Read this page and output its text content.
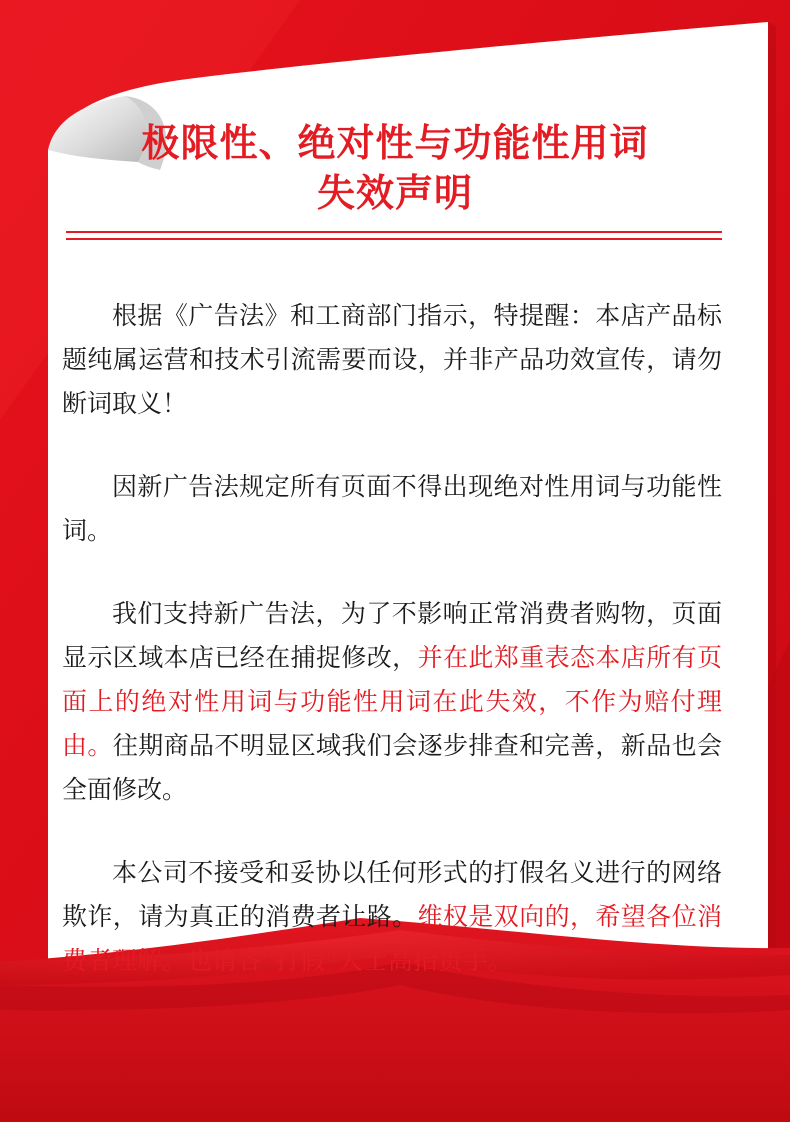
极限性、绝对性与功能性用词
失效声明

根据《广告法》和工商部门指示，特提醒：本店产品标题纯属运营和技术引流需要而设，并非产品功效宣传，请勿断词取义！

因新广告法规定所有页面不得出现绝对性用词与功能性词。

我们支持新广告法，为了不影响正常消费者购物，页面显示区域本店已经在捕捉修改，并在此郑重表态本店所有页面上的绝对性用词与功能性用词在此失效，不作为赔付理由。往期商品不明显区域我们会逐步排查和完善，新品也会全面修改。

本公司不接受和妥协以任何形式的打假名义进行的网络欺诈，请为真正的消费者让路。维权是双向的，希望各位消费者理解。也请各“打假”人士高抬贵手。
